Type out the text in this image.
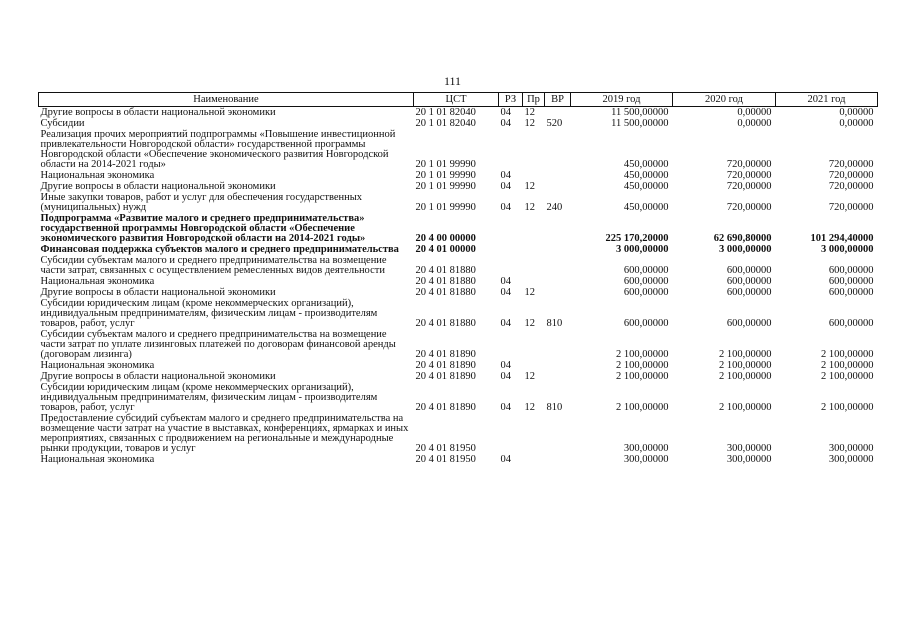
111
Наименование	ЦСТ	РЗ	Пр	ВР	2019 год	2020 год	2021 год
Другие вопросы в области национальной экономики	20 1 01 82040	04	12		11 500,00000	0,00000	0,00000
Субсидии	20 1 01 82040	04	12	520	11 500,00000	0,00000	0,00000
Реализация прочих мероприятий подпрограммы «Повышение инвестиционной привлекательности Новгородской области» государственной программы Новгородской области «Обеспечение экономического развития Новгородской области на 2014-2021 годы»	20 1 01 99990				450,00000	720,00000	720,00000
Национальная экономика	20 1 01 99990	04			450,00000	720,00000	720,00000
Другие вопросы в области национальной экономики	20 1 01 99990	04	12		450,00000	720,00000	720,00000
Иные закупки товаров, работ и услуг для обеспечения государственных (муниципальных) нужд	20 1 01 99990	04	12	240	450,00000	720,00000	720,00000
Подпрограмма «Развитие малого и среднего предпринимательства» государственной программы Новгородской области «Обеспечение экономического развития Новгородской области на 2014-2021 годы»	20 4 00 00000				225 170,20000	62 690,80000	101 294,40000
Финансовая поддержка субъектов малого и среднего предпринимательства	20 4 01 00000				3 000,00000	3 000,00000	3 000,00000
Субсидии субъектам малого и среднего предпринимательства на возмещение части затрат, связанных с осуществлением ремесленных видов деятельности	20 4 01 81880				600,00000	600,00000	600,00000
Национальная экономика	20 4 01 81880	04			600,00000	600,00000	600,00000
Другие вопросы в области национальной экономики	20 4 01 81880	04	12		600,00000	600,00000	600,00000
Субсидии юридическим лицам (кроме некоммерческих организаций), индивидуальным предпринимателям, физическим лицам - производителям товаров, работ, услуг	20 4 01 81880	04	12	810	600,00000	600,00000	600,00000
Субсидии субъектам малого и среднего предпринимательства на возмещение части затрат по уплате лизинговых платежей по договорам финансовой аренды (договорам лизинга)	20 4 01 81890				2 100,00000	2 100,00000	2 100,00000
Национальная экономика	20 4 01 81890	04			2 100,00000	2 100,00000	2 100,00000
Другие вопросы в области национальной экономики	20 4 01 81890	04	12		2 100,00000	2 100,00000	2 100,00000
Субсидии юридическим лицам (кроме некоммерческих организаций), индивидуальным предпринимателям, физическим лицам - производителям товаров, работ, услуг	20 4 01 81890	04	12	810	2 100,00000	2 100,00000	2 100,00000
Предоставление субсидий субъектам малого и среднего предпринимательства на возмещение части затрат на участие в выставках, конференциях, ярмарках и иных мероприятиях, связанных с продвижением на региональные и международные рынки продукции, товаров и услуг	20 4 01 81950				300,00000	300,00000	300,00000
Национальная экономика	20 4 01 81950	04			300,00000	300,00000	300,00000
